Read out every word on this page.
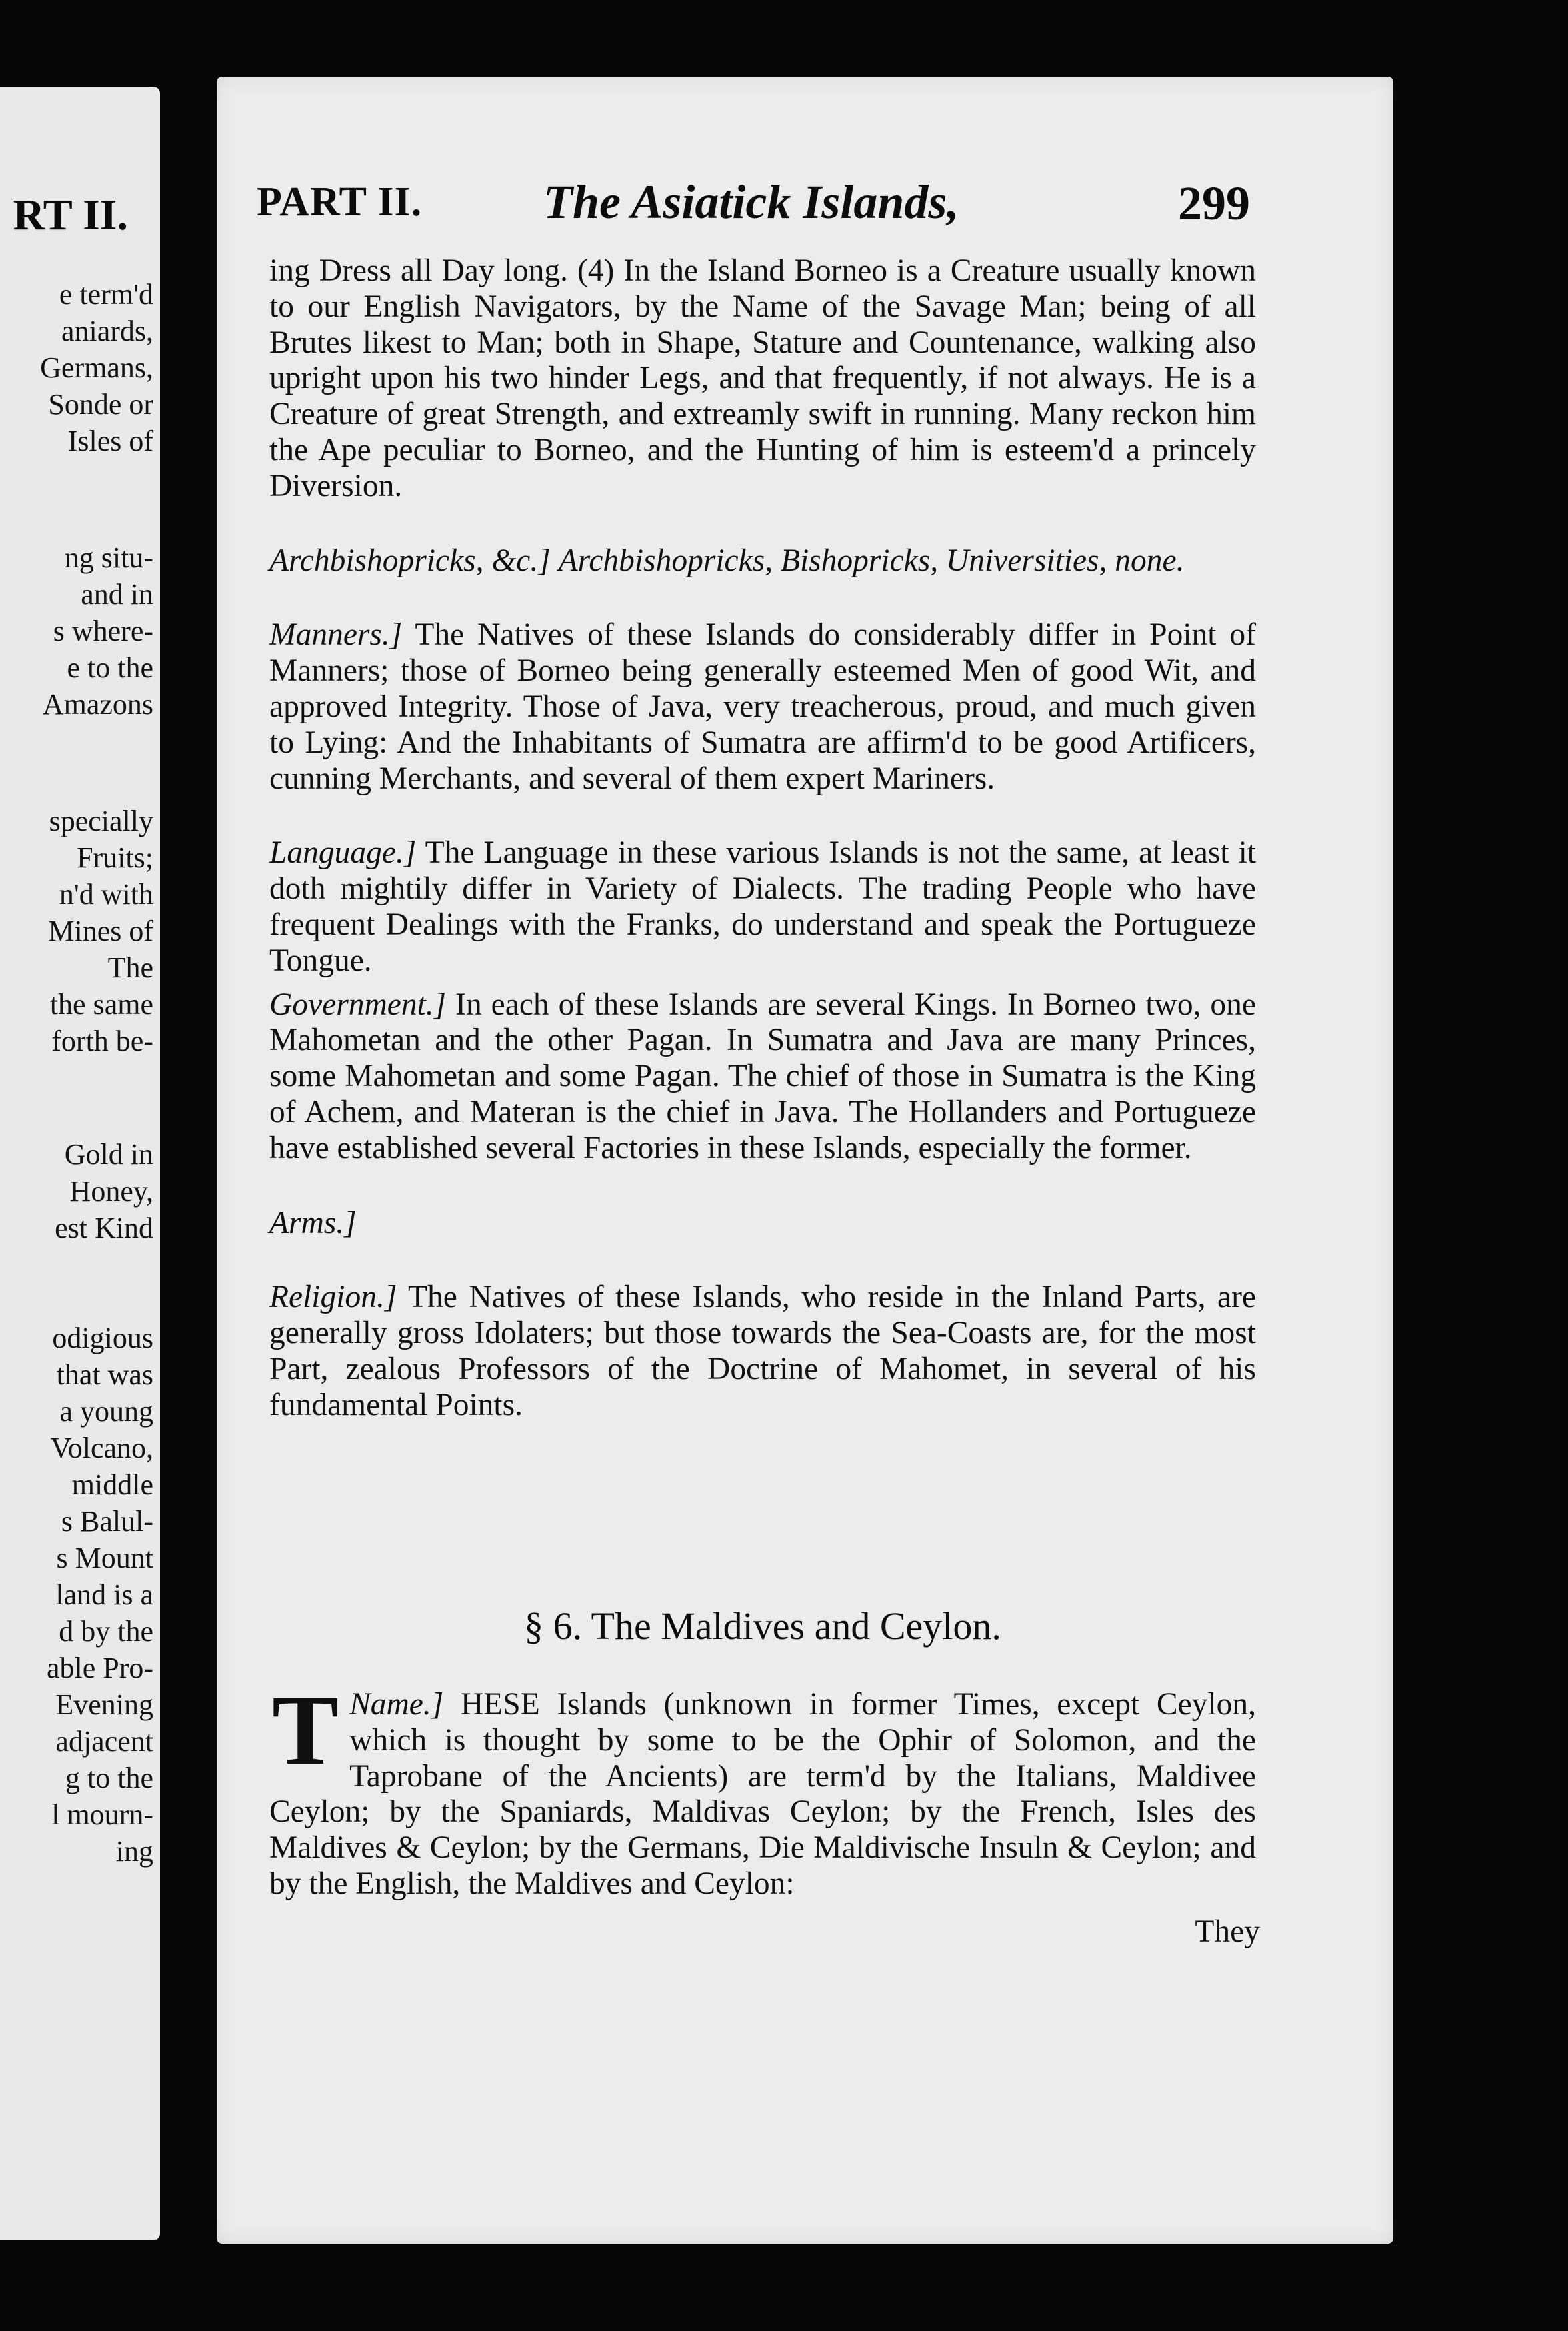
RT II.
e term'd
aniards,
Germans,
Sonde or
Isles of
ng situ-
and in
s where-
e to the
Amazons
specially
Fruits;
n'd with
Mines of
The
the same
forth be-
Gold in
Honey,
est Kind
odigious
that was
a young
Volcano,
middle
s Balul-
s Mount
land is a
d by the
able Pro-
Evening
adjacent
g to the
l mourn-
ing
PART II.	The Asiatick Islands,	299

ing Dress all Day long. (4) In the Island Borneo is a Creature usually known to our English Navigators, by the Name of the Savage Man; being of all Brutes likest to Man; both in Shape, Stature and Countenance, walking also upright upon his two hinder Legs, and that frequently, if not always. He is a Creature of great Strength, and extreamly swift in running. Many reckon him the Ape peculiar to Borneo, and the Hunting of him is esteem'd a princely Diversion.

Archbishopricks, &c.] Archbishopricks, Bishopricks, Universities, none.

Manners.] The Natives of these Islands do considerably differ in Point of Manners; those of Borneo being generally esteemed Men of good Wit, and approved Integrity. Those of Java, very treacherous, proud, and much given to Lying: And the Inhabitants of Sumatra are affirm'd to be good Artificers, cunning Merchants, and several of them expert Mariners.

Language.] The Language in these various Islands is not the same, at least it doth mightily differ in Variety of Dialects. The trading People who have frequent Dealings with the Franks, do understand and speak the Portugueze Tongue.

Government.] In each of these Islands are several Kings. In Borneo two, one Mahometan and the other Pagan. In Sumatra and Java are many Princes, some Mahometan and some Pagan. The chief of those in Sumatra is the King of Achem, and Materan is the chief in Java. The Hollanders and Portugueze have established several Factories in these Islands, especially the former.

Arms.]

Religion.] The Natives of these Islands, who reside in the Inland Parts, are generally gross Idolaters; but those towards the Sea-Coasts are, for the most Part, zealous Professors of the Doctrine of Mahomet, in several of his fundamental Points.

§ 6. The Maldives and Ceylon.

Name.]
T	HESE Islands (unknown in former Times, except Ceylon, which is thought by some to be the Ophir of Solomon, and the Taprobane of the Ancients) are term'd by the Italians, Maldivee Ceylon; by the Spaniards, Maldivas Ceylon; by the French, Isles des Maldives & Ceylon; by the Germans, Die Maldivische Insuln & Ceylon; and by the English, the Maldives and Ceylon:

They
